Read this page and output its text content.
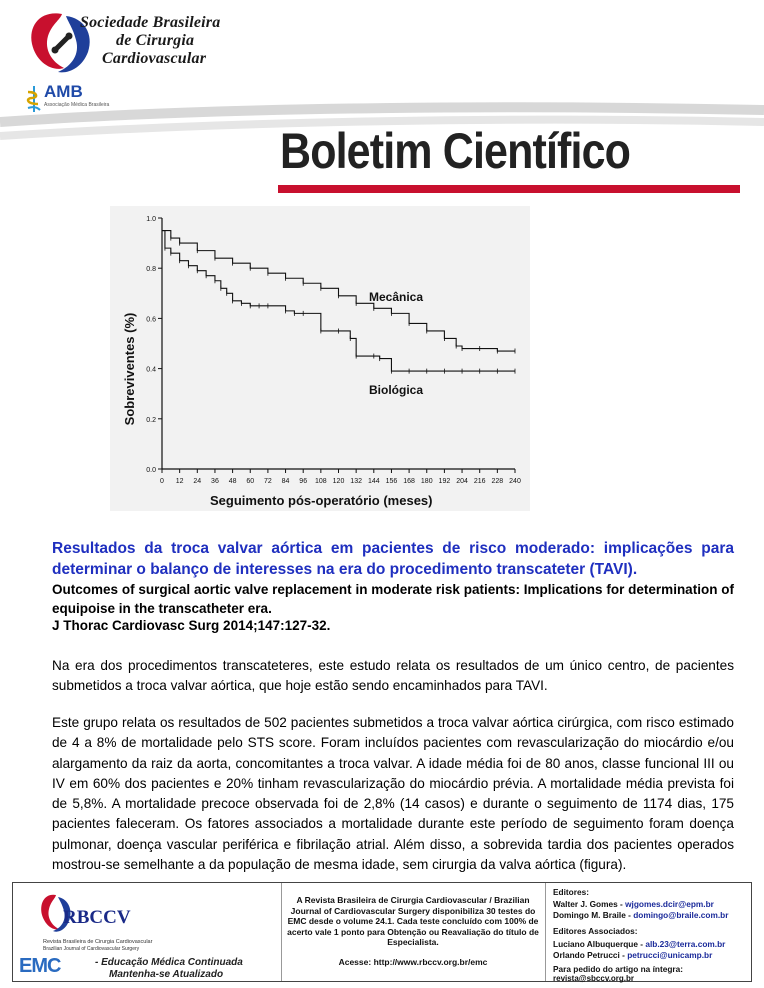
Sociedade Brasileira
de Cirurgia
Cardiovascular
AMB
Associação Médica Brasileira
Boletim Científico
0 12 24 36 48 60 72 84 96 108 120 132 144 156 168 180 192 204 216 228 240
0.0
0.2
0.4
0.6
0.8
1.0
Sobreviventes (%)
Seguimento pós-operatório (meses)
Mecânica
Biológica
Resultados da troca valvar aórtica em pacientes de risco moderado: implicações para determinar o balanço de interesses na era do procedimento transcateter (TAVI).
Outcomes of surgical aortic valve replacement in moderate risk patients: Implications for determination of equipoise in the transcatheter era.
J Thorac Cardiovasc Surg 2014;147:127-32.
Na era dos procedimentos transcateteres, este estudo relata os resultados de um único centro, de pacientes submetidos a troca valvar aórtica, que hoje estão sendo encaminhados para TAVI.
Este grupo relata os resultados de 502 pacientes submetidos a troca valvar aórtica cirúrgica, com risco estimado de 4 a 8% de mortalidade pelo STS score. Foram incluídos pacientes com revascularização do miocárdio e/ou alargamento da raiz da aorta, concomitantes a troca valvar. A idade média foi de 80 anos, classe funcional III ou IV em 60% dos pacientes e 20% tinham revascularização do miocárdio prévia. A mortalidade média prevista foi de 5,8%. A mortalidade precoce observada foi de 2,8% (14 casos) e durante o seguimento de 1174 dias, 175 pacientes faleceram. Os fatores associados a mortalidade durante este período de seguimento foram doença pulmonar, doença vascular periférica e fibrilação atrial. Além disso, a sobrevida tardia dos pacientes operados mostrou-se semelhante a da população de mesma idade, sem cirurgia da valva aórtica (figura).
RBCCV
Revista Brasileira de Cirurgia Cardiovascular
Brazilian Journal of Cardiovascular Surgery
EMC	- Educação Médica Continuada
Mantenha-se Atualizado
A Revista Brasileira de Cirurgia Cardiovascular / Brazilian Journal of Cardiovascular Surgery disponibiliza 30 testes do EMC desde o volume 24.1. Cada teste concluído com 100% de acerto vale 1 ponto para Obtenção ou Reavaliação do título de Especialista.
Acesse: http://www.rbccv.org.br/emc
Editores:
Walter J. Gomes - wjgomes.dcir@epm.br
Domingo M. Braile - domingo@braile.com.br
Editores Associados:
Luciano Albuquerque - alb.23@terra.com.br
Orlando Petrucci - petrucci@unicamp.br
Para pedido do artigo na íntegra:
revista@sbccv.org.br
